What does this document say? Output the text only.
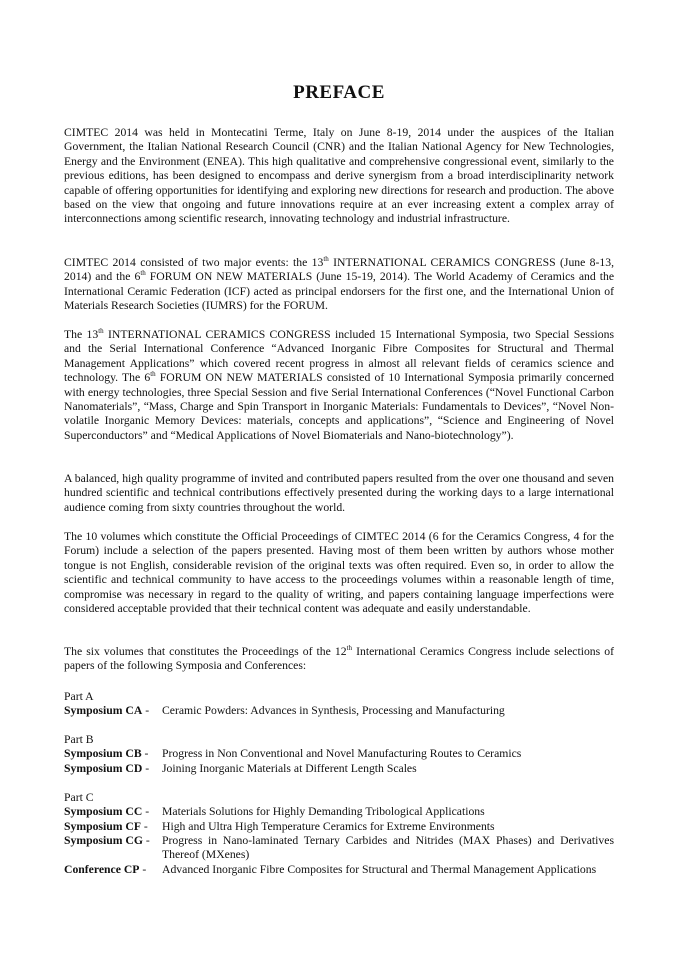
PREFACE

CIMTEC 2014 was held in Montecatini Terme, Italy on June 8-19, 2014 under the auspices of the Italian Government, the Italian National Research Council (CNR) and the Italian National Agency for New Technologies, Energy and the Environment (ENEA). This high qualitative and comprehensive congressional event, similarly to the previous editions, has been designed to encompass and derive synergism from a broad interdisciplinarity network capable of offering opportunities for identifying and exploring new directions for research and production. The above based on the view that ongoing and future innovations require at an ever increasing extent a complex array of interconnections among scientific research, innovating technology and industrial infrastructure.

CIMTEC 2014 consisted of two major events: the 13th INTERNATIONAL CERAMICS CONGRESS (June 8-13, 2014) and the 6th FORUM ON NEW MATERIALS (June 15-19, 2014). The World Academy of Ceramics and the International Ceramic Federation (ICF) acted as principal endorsers for the first one, and the International Union of Materials Research Societies (IUMRS) for the FORUM.

The 13th INTERNATIONAL CERAMICS CONGRESS included 15 International Symposia, two Special Sessions and the Serial International Conference “Advanced Inorganic Fibre Composites for Structural and Thermal Management Applications” which covered recent progress in almost all relevant fields of ceramics science and technology. The 6th FORUM ON NEW MATERIALS consisted of 10 International Symposia primarily concerned with energy technologies, three Special Session and five Serial International Conferences (“Novel Functional Carbon Nanomaterials”, “Mass, Charge and Spin Transport in Inorganic Materials: Fundamentals to Devices”, “Novel Non-volatile Inorganic Memory Devices: materials, concepts and applications”, “Science and Engineering of Novel Superconductors” and “Medical Applications of Novel Biomaterials and Nano-biotechnology”).

A balanced, high quality programme of invited and contributed papers resulted from the over one thousand and seven hundred scientific and technical contributions effectively presented during the working days to a large international audience coming from sixty countries throughout the world.

The 10 volumes which constitute the Official Proceedings of CIMTEC 2014 (6 for the Ceramics Congress, 4 for the Forum) include a selection of the papers presented. Having most of them been written by authors whose mother tongue is not English, considerable revision of the original texts was often required. Even so, in order to allow the scientific and technical community to have access to the proceedings volumes within a reasonable length of time, compromise was necessary in regard to the quality of writing, and papers containing language imperfections were considered acceptable provided that their technical content was adequate and easily understandable.

The six volumes that constitutes the Proceedings of the 12th International Ceramics Congress include selections of papers of the following Symposia and Conferences:

Part A
Symposium CA -	Ceramic Powders: Advances in Synthesis, Processing and Manufacturing
Part B
Symposium CB -	Progress in Non Conventional and Novel Manufacturing Routes to Ceramics
Symposium CD -	Joining Inorganic Materials at Different Length Scales
Part C
Symposium CC -	Materials Solutions for Highly Demanding Tribological Applications
Symposium CF -	High and Ultra High Temperature Ceramics for Extreme Environments
Symposium CG -	Progress in Nano-laminated Ternary Carbides and Nitrides (MAX Phases) and Derivatives Thereof (MXenes)
Conference CP -	Advanced Inorganic Fibre Composites for Structural and Thermal Management Applications
